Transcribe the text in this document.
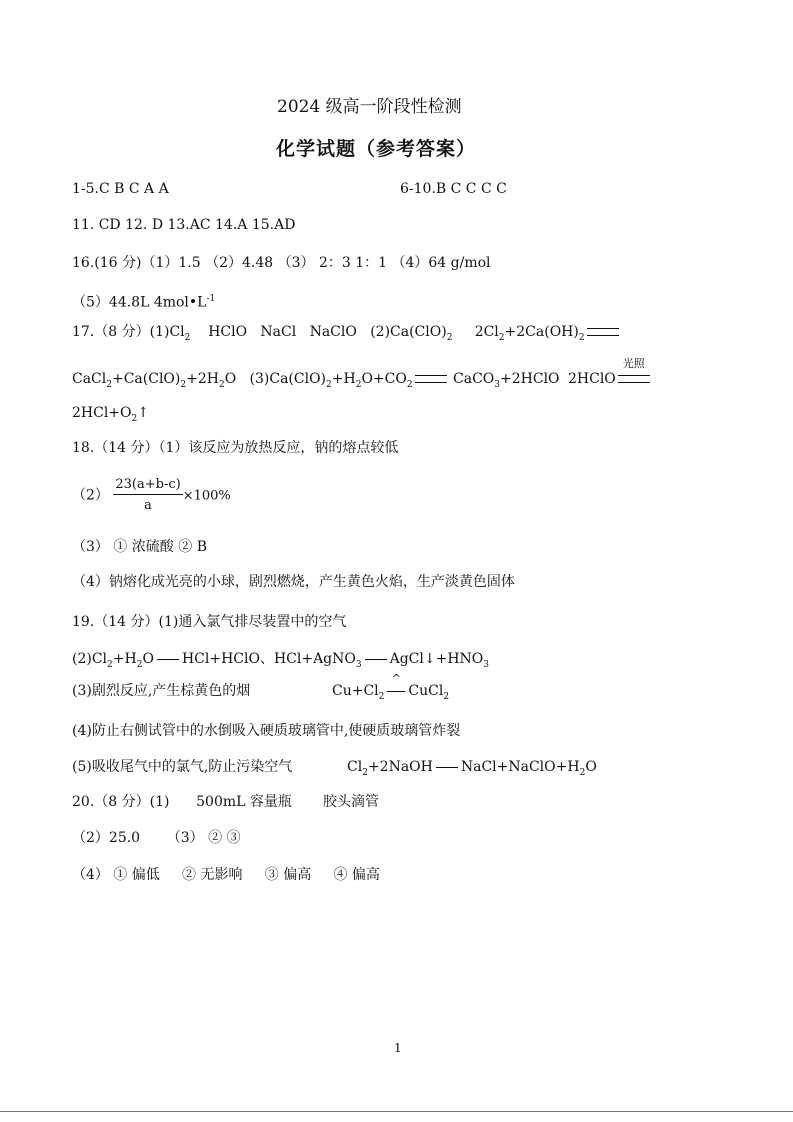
2024 级高一阶段性检测
化学试题（参考答案）
1-5.C B C A A	6-10.B C C C C
11. CD 12. D 13.AC 14.A 15.AD
16.(16 分)（1）1.5 （2）4.48 （3） 2：3 1：1 （4）64 g/mol
（5）44.8L $4mol•L^{-1}$
17.（8 分）$(1)Cl_2$ HClO   NaCl   NaClO $(2)Ca(ClO)_2$ $2Cl_2+2Ca(OH)_2$
$CaCl_2+Ca(ClO)_2+2H_2O$   $(3)Ca(ClO)_2+H_2O+CO_2$	CaCO$_3$+2HClO 2HClO
光照
$2HCl+O_2↑$
18.（14 分）（1）该反应为放热反应，钠的熔点较低
$(2) \frac{23(a+b-c)}{a} \times 100\%$
（3） ① 浓硫酸 ② B
（4）钠熔化成光亮的小球，剧烈燃烧，产生黄色火焰，生产淡黄色固体
19.（14 分）(1)通入氯气排尽装置中的空气
$(2)Cl_2+H_2O$ HCl+HClO、HCl+AgNO$_3$ $AgCl↓+HNO_3$
(3)剧烈反应,产生棕黄色的烟	$Cu+Cl_2$
^
CuCl$_2$
(4)防止右侧试管中的水倒吸入硬质玻璃管中,使硬质玻璃管炸裂
(5)吸收尾气中的氯气,防止污染空气	$Cl_2+2NaOH$ $NaCl+NaClO+H_2O$
20.（8 分）(1)      500mL 容量瓶       胶头滴管
（2）25.0      （3） ② ③
（4） ① 偏低     ② 无影响     ③ 偏高     ④ 偏高
1
